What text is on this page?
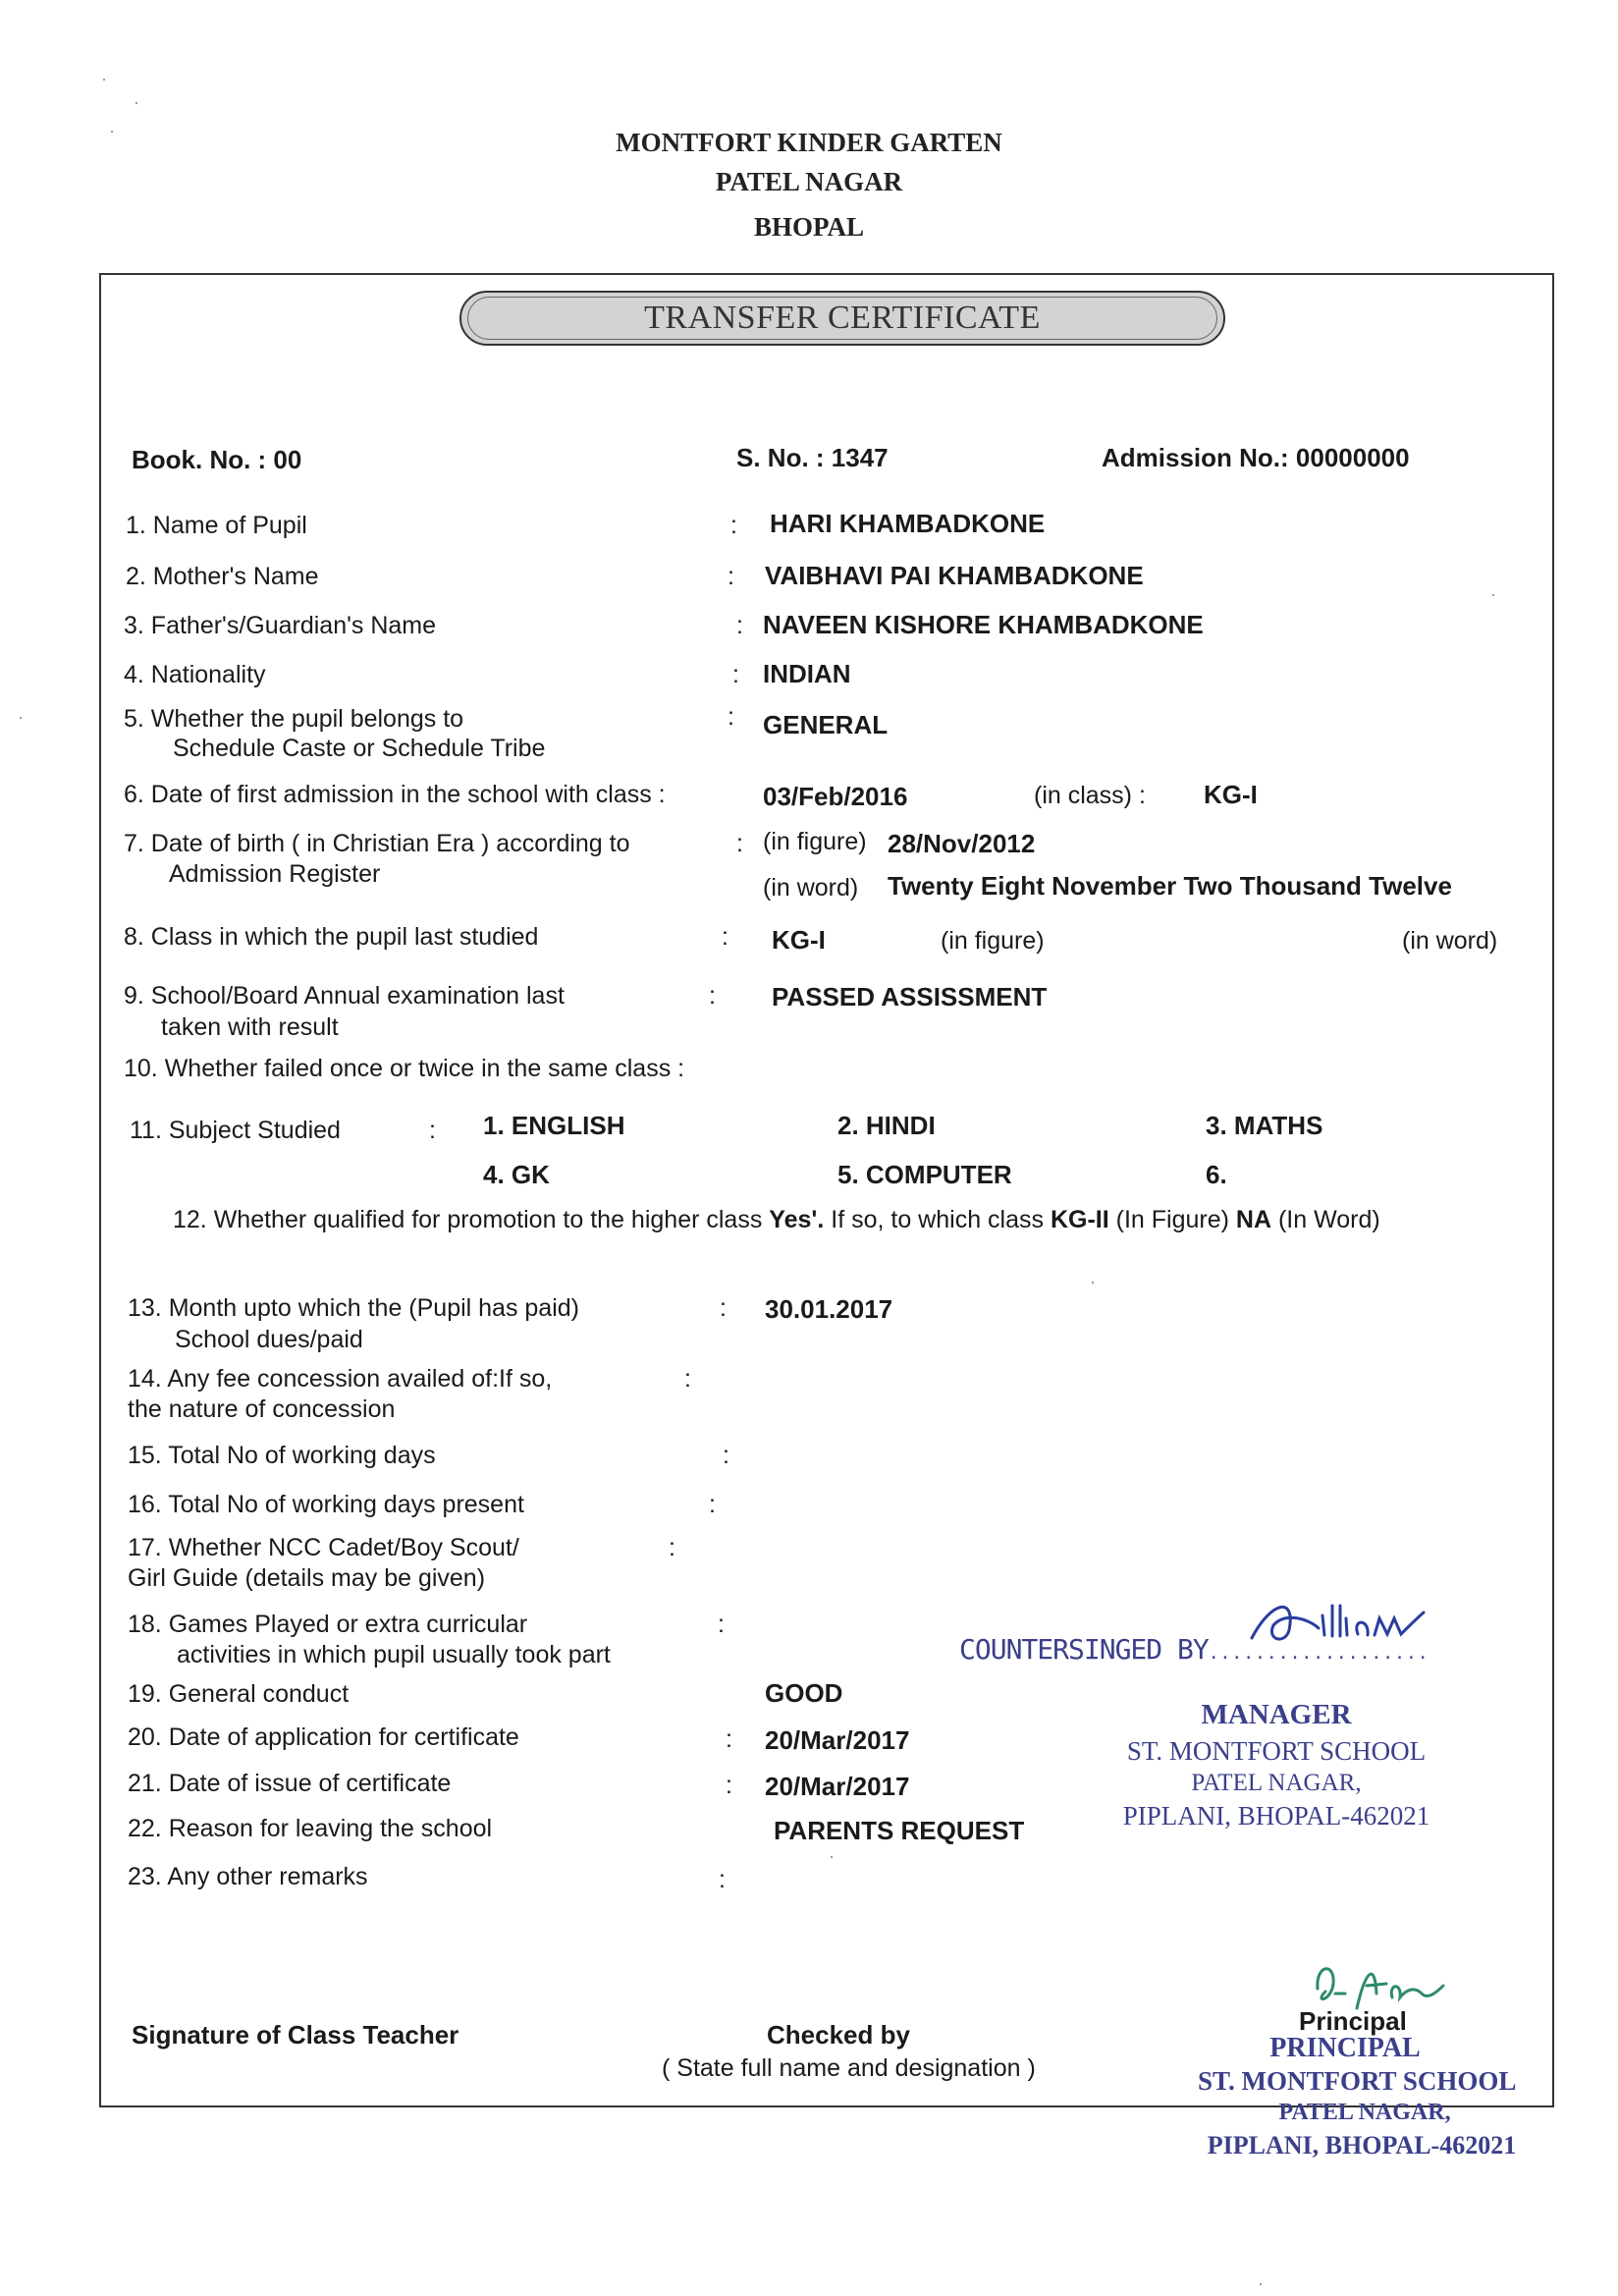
MONTFORT KINDER GARTEN
PATEL NAGAR
BHOPAL
TRANSFER CERTIFICATE
Book. No. : 00	S. No. : 1347	Admission No.: 00000000
1. Name of Pupil	: HARI KHAMBADKONE
2. Mother's Name	: VAIBHAVI PAI KHAMBADKONE
3. Father's/Guardian's Name	: NAVEEN KISHORE KHAMBADKONE
4. Nationality	: INDIAN
5. Whether the pupil belongs to
Schedule Caste or Schedule Tribe
: GENERAL
6. Date of first admission in the school with class :	03/Feb/2016	(in class) : KG-I
7. Date of birth ( in Christian Era ) according to
Admission Register
: (in figure) 28/Nov/2012
(in word) Twenty Eight November Two Thousand Twelve
8. Class in which the pupil last studied	: KG-I	(in figure)	(in word)
9. School/Board Annual examination last
taken with result
: PASSED ASSISSMENT
10. Whether failed once or twice in the same class :
11. Subject Studied	: 1. ENGLISH	2. HINDI	3. MATHS
4. GK	5. COMPUTER	6.
12. Whether qualified for promotion to the higher class Yes'. If so, to which class KG-II (In Figure) NA (In Word)
13. Month upto which the (Pupil has paid)
School dues/paid
: 30.01.2017
14. Any fee concession availed of:If so,
the nature of concession
:
15. Total No of working days	:
16. Total No of working days present	:
17. Whether NCC Cadet/Boy Scout/
Girl Guide (details may be given)
:
18. Games Played or extra curricular
activities in which pupil usually took part
:
19. General conduct	GOOD
20. Date of application for certificate	: 20/Mar/2017
21. Date of issue of certificate	: 20/Mar/2017
22. Reason for leaving the school	PARENTS REQUEST
23. Any other remarks	:
COUNTERSINGED BY...................
MANAGER
ST. MONTFORT SCHOOL
PATEL NAGAR,
PIPLANI, BHOPAL-462021
Signature of Class Teacher	Checked by
( State full name and designation )
Principal
PRINCIPAL
ST. MONTFORT SCHOOL
PATEL NAGAR,
PIPLANI, BHOPAL-462021
